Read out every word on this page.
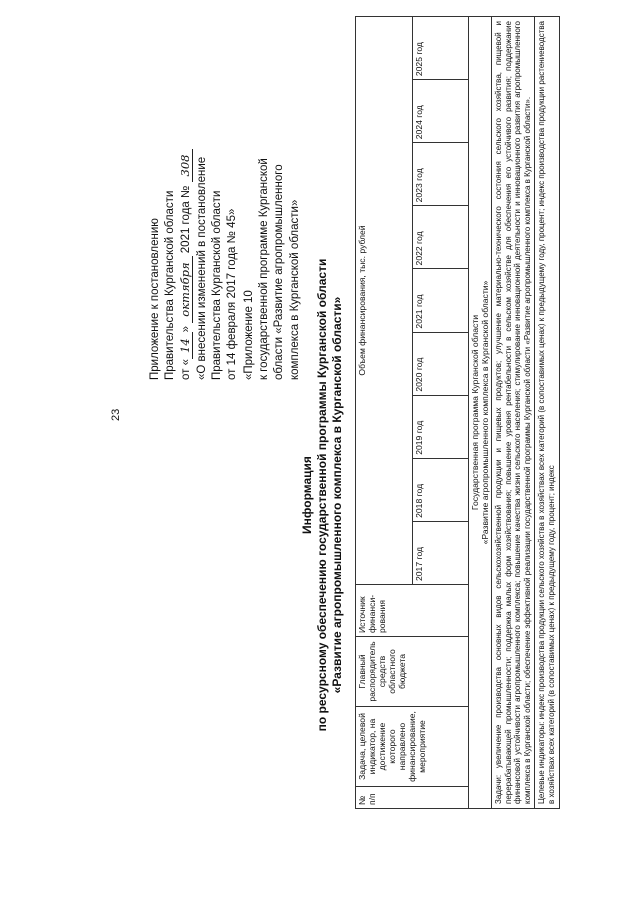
23
Приложение к постановлению Правительства Курганской области от «14» октября 2021 года № 308 «О внесении изменений в постановление Правительства Курганской области от 14 февраля 2017 года № 45» «Приложение 10 к государственной программе Курганской области «Развитие агропромышленного комплекса в Курганской области»
Информация по ресурсному обеспечению государственной программы Курганской области «Развитие агропромышленного комплекса в Курганской области»
№ п/п	Задача, целевой индикатор, на достижение которого направлено финансирование, мероприятие	Главный распорядитель средств областного бюджета	Источник финанси-рования	Объем финансирования, тыс. рублей								
				2017 год	2018 год	2019 год	2020 год	2021 год	2022 год	2023 год	2024 год	2025 год

Государственная программа Курганской области «Развитие агропромышленного комплекса в Курганской области»												

Задачи: увеличение производства основных видов сельскохозяйственной продукции и пищевых продуктов; улучшение материально-технического состояния сельского хозяйства, пищевой и перерабатывающей промышленности; поддержка малых форм хозяйствования; повышение уровня рентабельности в сельском хозяйстве для обеспечения его устойчивого развития; поддержание финансовой устойчивости агропромышленного комплекса; повышение качества жизни сельского населения; стимулирование инновационной деятельности и инновационного развития агропромышленного комплекса в Курганской области; обеспечение эффективной реализации государственной программы Курганской области «Развитие агропромышленного комплекса в Курганской области».												
Целевые индикаторы: индекс производства продукции сельского хозяйства в хозяйствах всех категорий (в сопоставимых ценах) к предыдущему году, процент; индекс производства продукции растениеводства в хозяйствах всех категорий (в сопоставимых ценах) к предыдущему году, процент; индекс												
